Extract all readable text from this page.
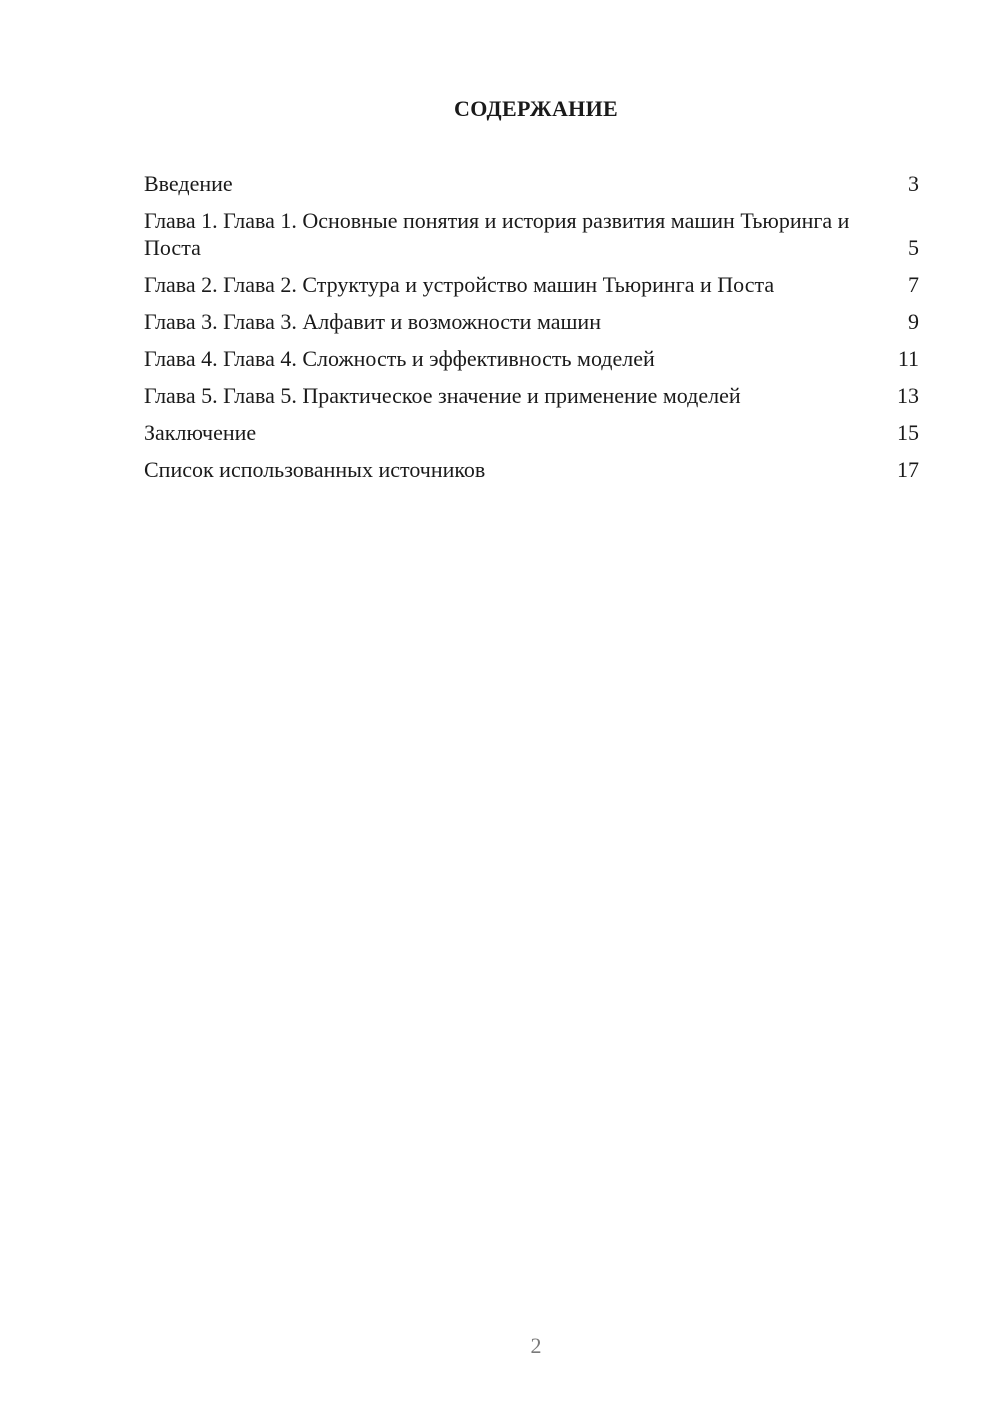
СОДЕРЖАНИЕ
Введение	3
Глава 1. Глава 1. Основные понятия и история развития машин Тьюринга и Поста	5
Глава 2. Глава 2. Структура и устройство машин Тьюринга и Поста	7
Глава 3. Глава 3. Алфавит и возможности машин	9
Глава 4. Глава 4. Сложность и эффективность моделей	11
Глава 5. Глава 5. Практическое значение и применение моделей	13
Заключение	15
Список использованных источников	17
2
